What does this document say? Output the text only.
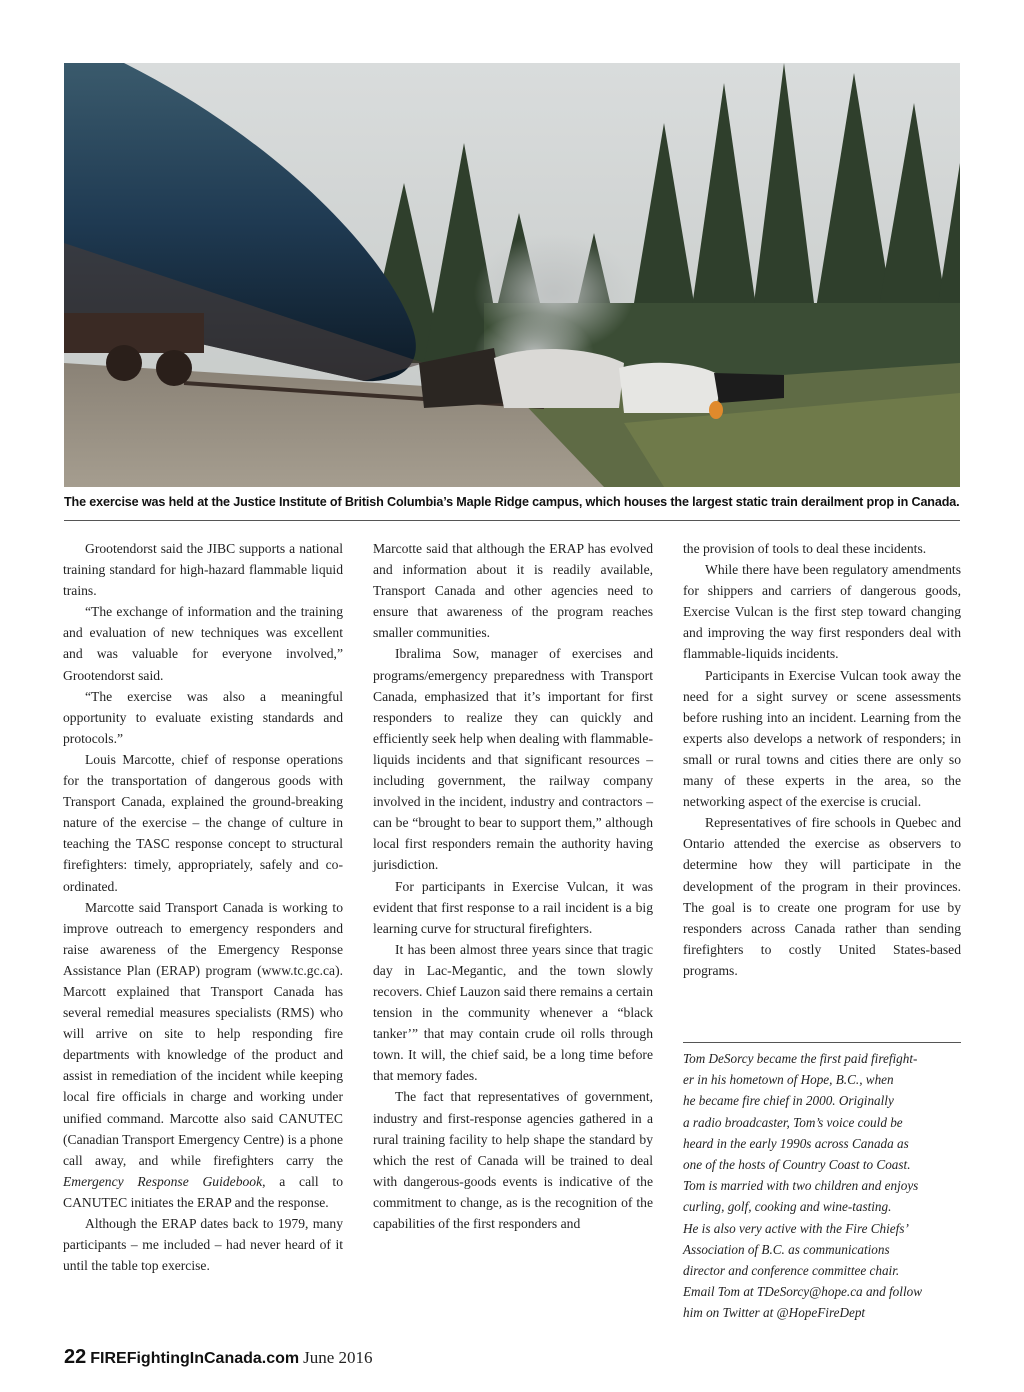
The exercise was held at the Justice Institute of British Columbia’s Maple Ridge campus, which houses the largest static train derailment prop in Canada.

Grootendorst said the JIBC supports a national training standard for high-hazard flammable liquid trains.

“The exchange of information and the training and evaluation of new techniques was excellent and was valuable for everyone involved,” Grootendorst said.

“The exercise was also a meaningful opportunity to evaluate existing standards and protocols.”

Louis Marcotte, chief of response operations for the transportation of dangerous goods with Transport Canada, explained the ground-breaking nature of the exercise – the change of culture in teaching the TASC response concept to structural firefighters: timely, appropriately, safely and co-ordinated.

Marcotte said Transport Canada is working to improve outreach to emergency responders and raise awareness of the Emergency Response Assistance Plan (ERAP) program (www.tc.gc.ca). Marcott explained that Transport Canada has several remedial measures specialists (RMS) who will arrive on site to help responding fire departments with knowledge of the product and assist in remediation of the incident while keeping local fire officials in charge and working under unified command. Marcotte also said CANUTEC (Canadian Transport Emergency Centre) is a phone call away, and while firefighters carry the Emergency Response Guidebook, a call to CANUTEC initiates the ERAP and the response.

Although the ERAP dates back to 1979, many participants – me included – had never heard of it until the table top exercise.

Marcotte said that although the ERAP has evolved and information about it is readily available, Transport Canada and other agencies need to ensure that awareness of the program reaches smaller communities.

Ibralima Sow, manager of exercises and programs/emergency preparedness with Transport Canada, emphasized that it’s important for first responders to realize they can quickly and efficiently seek help when dealing with flammable-liquids incidents and that significant resources – including government, the railway company involved in the incident, industry and contractors – can be “brought to bear to support them,” although local first responders remain the authority having jurisdiction.

For participants in Exercise Vulcan, it was evident that first response to a rail incident is a big learning curve for structural firefighters.

It has been almost three years since that tragic day in Lac-Megantic, and the town slowly recovers. Chief Lauzon said there remains a certain tension in the community whenever a “black tanker’” that may contain crude oil rolls through town. It will, the chief said, be a long time before that memory fades.

The fact that representatives of government, industry and first-response agencies gathered in a rural training facility to help shape the standard by which the rest of Canada will be trained to deal with dangerous-goods events is indicative of the commitment to change, as is the recognition of the capabilities of the first responders and

the provision of tools to deal these incidents.

While there have been regulatory amendments for shippers and carriers of dangerous goods, Exercise Vulcan is the first step toward changing and improving the way first responders deal with flammable-liquids incidents.

Participants in Exercise Vulcan took away the need for a sight survey or scene assessments before rushing into an incident. Learning from the experts also develops a network of responders; in small or rural towns and cities there are only so many of these experts in the area, so the networking aspect of the exercise is crucial.

Representatives of fire schools in Quebec and Ontario attended the exercise as observers to determine how they will participate in the development of the program in their provinces. The goal is to create one program for use by responders across Canada rather than sending firefighters to costly United States-based programs.

Tom DeSorcy became the first paid firefight-
er in his hometown of Hope, B.C., when
he became fire chief in 2000. Originally
a radio broadcaster, Tom’s voice could be
heard in the early 1990s across Canada as
one of the hosts of Country Coast to Coast.
Tom is married with two children and enjoys
curling, golf, cooking and wine-tasting.
He is also very active with the Fire Chiefs’
Association of B.C. as communications
director and conference committee chair.
Email Tom at TDeSorcy@hope.ca and follow
him on Twitter at @HopeFireDept
22 FIREFightingInCanada.com June 2016
